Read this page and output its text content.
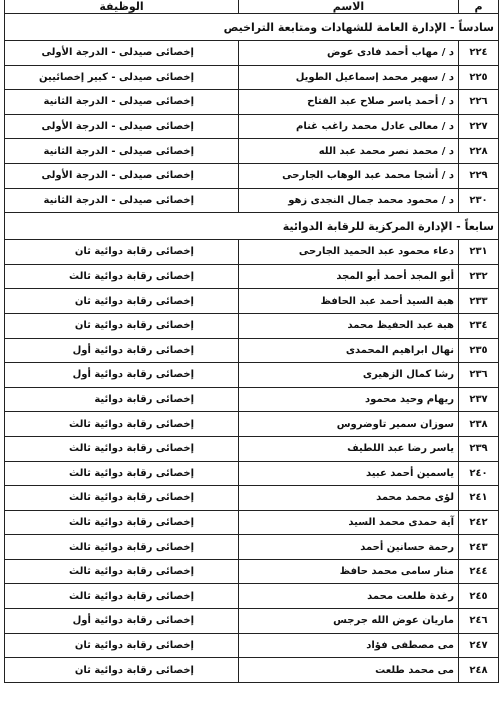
م	الاسم	الوظيفة
سادساً - الإدارة العامة للشهادات ومتابعة التراخيص		
٢٢٤	د / مهاب أحمد فادى عوض	إخصائى صيدلى - الدرجة الأولى
٢٢٥	د / سهير محمد إسماعيل الطويل	إخصائى صيدلى - كبير إخصائيين
٢٢٦	د / أحمد ياسر صلاح عبد الفتاح	إخصائى صيدلى - الدرجة الثانية
٢٢٧	د / معالى عادل محمد راغب غنام	إخصائى صيدلى - الدرجة الأولى
٢٢٨	د / محمد نصر محمد عبد الله	إخصائى صيدلى - الدرجة الثانية
٢٢٩	د / أشجا محمد عبد الوهاب الجارحى	إخصائى صيدلى - الدرجة الأولى
٢٣٠	د / محمود محمد جمال النجدى زهو	إخصائى صيدلى - الدرجة الثانية
سابعاً - الإدارة المركزية للرقابة الدوائية		
٢٣١	دعاء محمود عبد الحميد الجارحى	إخصائى رقابة دوائية ثان
٢٣٢	أبو المجد أحمد أبو المجد	إخصائى رقابة دوائية ثالث
٢٣٣	هبة السيد أحمد عبد الحافظ	إخصائى رقابة دوائية ثان
٢٣٤	هبة عبد الحفيظ محمد	إخصائى رقابة دوائية ثان
٢٣٥	نهال ابراهيم المحمدى	إخصائى رقابة دوائية أول
٢٣٦	رشا كمال الزهيرى	إخصائى رقابة دوائية أول
٢٣٧	ريهام وحيد محمود	إخصائى رقابة دوائية
٢٣٨	سوزان سمير تاوضروس	إخصائى رقابة دوائية ثالث
٢٣٩	ياسر رضا عبد اللطيف	إخصائى رقابة دوائية ثالث
٢٤٠	ياسمين أحمد عبيد	إخصائى رقابة دوائية ثالث
٢٤١	لؤى محمد محمد	إخصائى رقابة دوائية ثالث
٢٤٢	آية حمدى محمد السيد	إخصائى رقابة دوائية ثالث
٢٤٣	رحمة حسانين أحمد	إخصائى رقابة دوائية ثالث
٢٤٤	منار سامى محمد حافظ	إخصائى رقابة دوائية ثالث
٢٤٥	رغدة طلعت محمد	إخصائى رقابة دوائية ثالث
٢٤٦	ماريان عوض الله جرجس	إخصائى رقابة دوائية أول
٢٤٧	مى مصطفى فؤاد	إخصائى رقابة دوائية ثان
٢٤٨	مى محمد طلعت	إخصائى رقابة دوائية ثان
